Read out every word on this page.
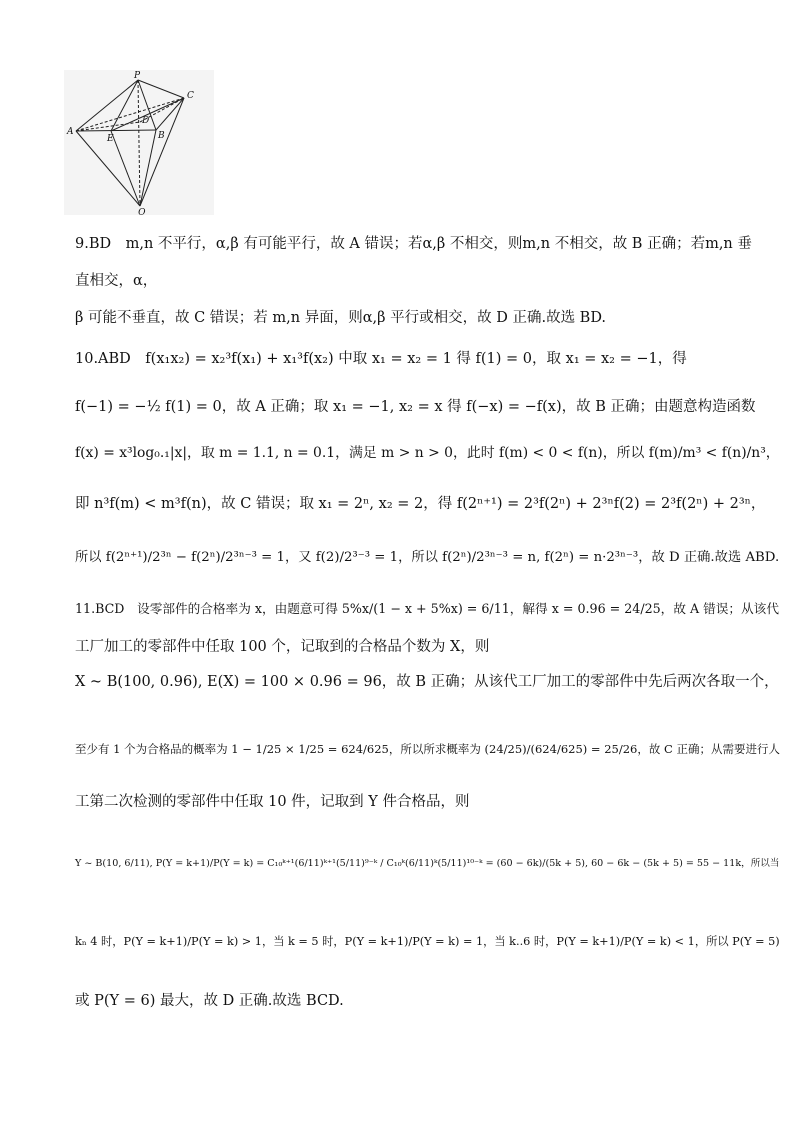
P
C
A
D
E	B
Q
9.BD　m,n 不平行，α,β 有可能平行，故 A 错误；若α,β 不相交，则m,n 不相交，故 B 正确；若m,n 垂
直相交，α，
β 可能不垂直，故 C 错误；若 m,n 异面，则α,β 平行或相交，故 D 正确.故选 BD.
10.ABD　f(x₁x₂) = x₂³f(x₁) + x₁³f(x₂) 中取 x₁ = x₂ = 1 得 f(1) = 0，取 x₁ = x₂ = −1，得
f(−1) = −½ f(1) = 0，故 A 正确；取 x₁ = −1, x₂ = x 得 f(−x) = −f(x)，故 B 正确；由题意构造函数
f(x) = x³log₀.₁|x|，取 m = 1.1, n = 0.1，满足 m > n > 0，此时 f(m) < 0 < f(n)，所以 f(m)/m³ < f(n)/n³，
即 n³f(m) < m³f(n)，故 C 错误；取 x₁ = 2ⁿ, x₂ = 2，得 f(2ⁿ⁺¹) = 2³f(2ⁿ) + 2³ⁿf(2) = 2³f(2ⁿ) + 2³ⁿ，
所以 f(2ⁿ⁺¹)/2³ⁿ − f(2ⁿ)/2³ⁿ⁻³ = 1，又 f(2)/2³⁻³ = 1，所以 f(2ⁿ)/2³ⁿ⁻³ = n, f(2ⁿ) = n·2³ⁿ⁻³，故 D 正确.故选 ABD.
11.BCD　设零部件的合格率为 x，由题意可得 5%x/(1 − x + 5%x) = 6/11，解得 x = 0.96 = 24/25，故 A 错误；从该代
工厂加工的零部件中任取 100 个，记取到的合格品个数为 X，则
X ~ B(100, 0.96), E(X) = 100 × 0.96 = 96，故 B 正确；从该代工厂加工的零部件中先后两次各取一个，
至少有 1 个为合格品的概率为 1 − 1/25 × 1/25 = 624/625，所以所求概率为 (24/25)/(624/625) = 25/26，故 C 正确；从需要进行人
工第二次检测的零部件中任取 10 件，记取到 Y 件合格品，则
Y ~ B(10, 6/11), P(Y = k+1)/P(Y = k) = C₁₀ᵏ⁺¹(6/11)ᵏ⁺¹(5/11)⁹⁻ᵏ / C₁₀ᵏ(6/11)ᵏ(5/11)¹⁰⁻ᵏ = (60 − 6k)/(5k + 5), 60 − 6k − (5k + 5) = 55 − 11k，所以当
kₙ 4 时，P(Y = k+1)/P(Y = k) > 1，当 k = 5 时，P(Y = k+1)/P(Y = k) = 1，当 k..6 时，P(Y = k+1)/P(Y = k) < 1，所以 P(Y = 5)
或 P(Y = 6) 最大，故 D 正确.故选 BCD.
